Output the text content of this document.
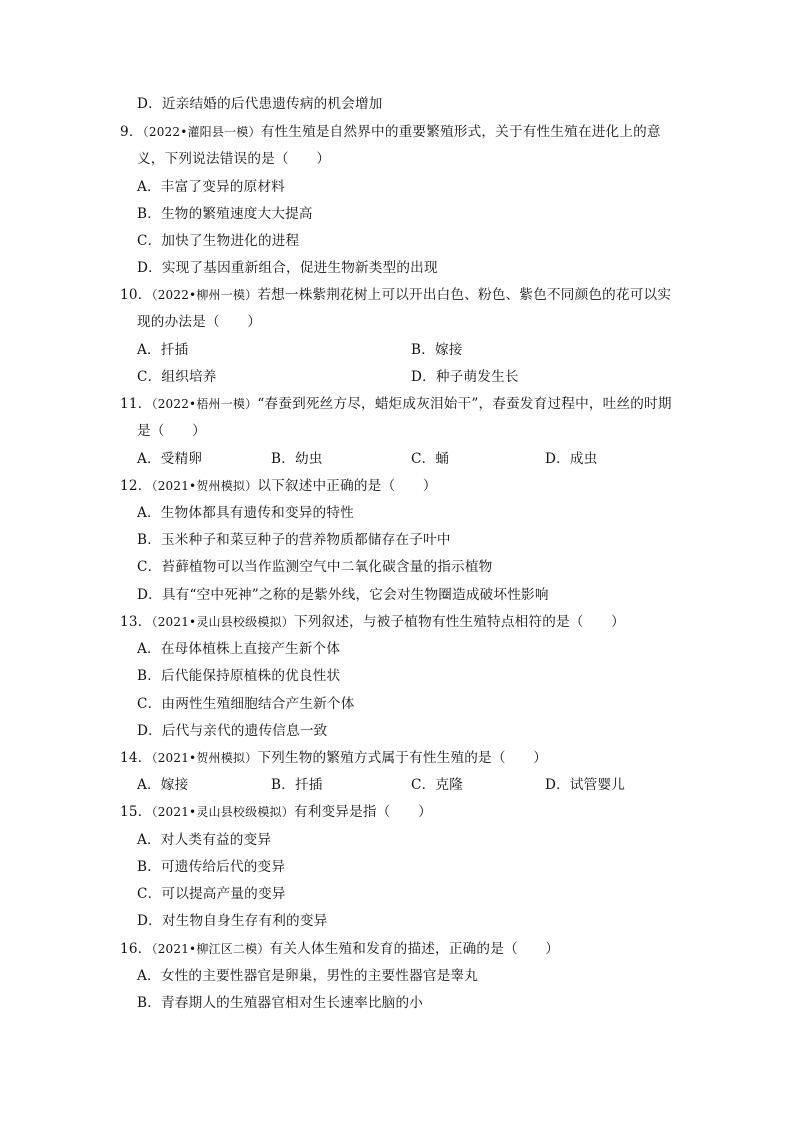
D．近亲结婚的后代患遗传病的机会增加
9．（2022•灌阳县一模）有性生殖是自然界中的重要繁殖形式，关于有性生殖在进化上的意
义，下列说法错误的是（　　）
A．丰富了变异的原材料
B．生物的繁殖速度大大提高
C．加快了生物进化的进程
D．实现了基因重新组合，促进生物新类型的出现
10．（2022•柳州一模）若想一株紫荆花树上可以开出白色、粉色、紫色不同颜色的花可以实
现的办法是（　　）
A．扦插	B．嫁接
C．组织培养	D．种子萌发生长
11．（2022•梧州一模）“春蚕到死丝方尽，蜡炬成灰泪始干”，春蚕发育过程中，吐丝的时期
是（　　）
A．受精卵	B．幼虫	C．蛹	D．成虫
12．（2021•贺州模拟）以下叙述中正确的是（　　）
A．生物体都具有遗传和变异的特性
B．玉米种子和菜豆种子的营养物质都储存在子叶中
C．苔藓植物可以当作监测空气中二氧化碳含量的指示植物
D．具有“空中死神”之称的是紫外线，它会对生物圈造成破坏性影响
13．（2021•灵山县校级模拟）下列叙述，与被子植物有性生殖特点相符的是（　　）
A．在母体植株上直接产生新个体
B．后代能保持原植株的优良性状
C．由两性生殖细胞结合产生新个体
D．后代与亲代的遗传信息一致
14．（2021•贺州模拟）下列生物的繁殖方式属于有性生殖的是（　　）
A．嫁接	B．扦插	C．克隆	D．试管婴儿
15．（2021•灵山县校级模拟）有利变异是指（　　）
A．对人类有益的变异
B．可遗传给后代的变异
C．可以提高产量的变异
D．对生物自身生存有利的变异
16．（2021•柳江区二模）有关人体生殖和发育的描述，正确的是（　　）
A．女性的主要性器官是卵巢，男性的主要性器官是睾丸
B．青春期人的生殖器官相对生长速率比脑的小
